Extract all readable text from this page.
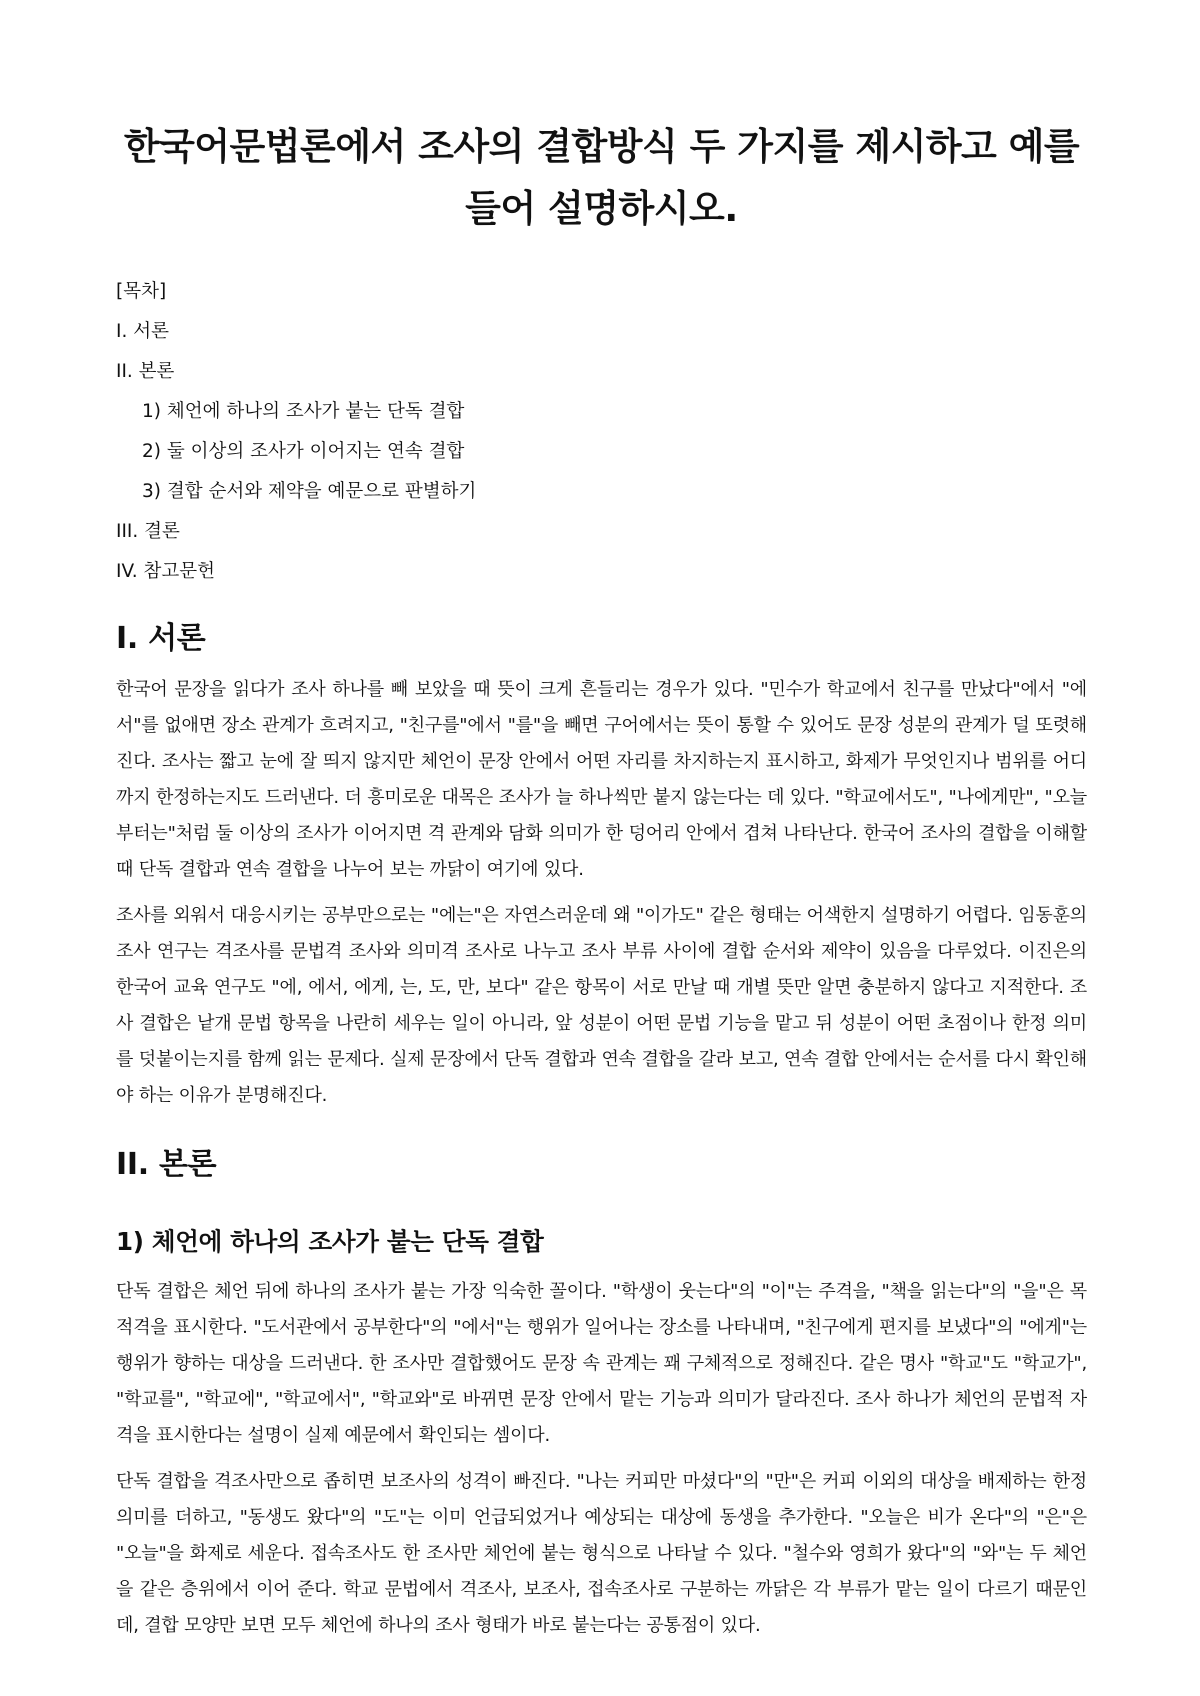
한국어문법론에서 조사의 결합방식 두 가지를 제시하고 예를 들어 설명하시오.
[목차]
I. 서론
II. 본론
1) 체언에 하나의 조사가 붙는 단독 결합
2) 둘 이상의 조사가 이어지는 연속 결합
3) 결합 순서와 제약을 예문으로 판별하기
III. 결론
IV. 참고문헌
I. 서론

한국어 문장을 읽다가 조사 하나를 빼 보았을 때 뜻이 크게 흔들리는 경우가 있다. "민수가 학교에서 친구를 만났다"에서 "에서"를 없애면 장소 관계가 흐려지고, "친구를"에서 "를"을 빼면 구어에서는 뜻이 통할 수 있어도 문장 성분의 관계가 덜 또렷해진다. 조사는 짧고 눈에 잘 띄지 않지만 체언이 문장 안에서 어떤 자리를 차지하는지 표시하고, 화제가 무엇인지나 범위를 어디까지 한정하는지도 드러낸다. 더 흥미로운 대목은 조사가 늘 하나씩만 붙지 않는다는 데 있다. "학교에서도", "나에게만", "오늘부터는"처럼 둘 이상의 조사가 이어지면 격 관계와 담화 의미가 한 덩어리 안에서 겹쳐 나타난다. 한국어 조사의 결합을 이해할 때 단독 결합과 연속 결합을 나누어 보는 까닭이 여기에 있다.

조사를 외워서 대응시키는 공부만으로는 "에는"은 자연스러운데 왜 "이가도" 같은 형태는 어색한지 설명하기 어렵다. 임동훈의 조사 연구는 격조사를 문법격 조사와 의미격 조사로 나누고 조사 부류 사이에 결합 순서와 제약이 있음을 다루었다. 이진은의 한국어 교육 연구도 "에, 에서, 에게, 는, 도, 만, 보다" 같은 항목이 서로 만날 때 개별 뜻만 알면 충분하지 않다고 지적한다. 조사 결합은 낱개 문법 항목을 나란히 세우는 일이 아니라, 앞 성분이 어떤 문법 기능을 맡고 뒤 성분이 어떤 초점이나 한정 의미를 덧붙이는지를 함께 읽는 문제다. 실제 문장에서 단독 결합과 연속 결합을 갈라 보고, 연속 결합 안에서는 순서를 다시 확인해야 하는 이유가 분명해진다.

II. 본론
1) 체언에 하나의 조사가 붙는 단독 결합

단독 결합은 체언 뒤에 하나의 조사가 붙는 가장 익숙한 꼴이다. "학생이 웃는다"의 "이"는 주격을, "책을 읽는다"의 "을"은 목적격을 표시한다. "도서관에서 공부한다"의 "에서"는 행위가 일어나는 장소를 나타내며, "친구에게 편지를 보냈다"의 "에게"는 행위가 향하는 대상을 드러낸다. 한 조사만 결합했어도 문장 속 관계는 꽤 구체적으로 정해진다. 같은 명사 "학교"도 "학교가", "학교를", "학교에", "학교에서", "학교와"로 바뀌면 문장 안에서 맡는 기능과 의미가 달라진다. 조사 하나가 체언의 문법적 자격을 표시한다는 설명이 실제 예문에서 확인되는 셈이다.

단독 결합을 격조사만으로 좁히면 보조사의 성격이 빠진다. "나는 커피만 마셨다"의 "만"은 커피 이외의 대상을 배제하는 한정 의미를 더하고, "동생도 왔다"의 "도"는 이미 언급되었거나 예상되는 대상에 동생을 추가한다. "오늘은 비가 온다"의 "은"은 "오늘"을 화제로 세운다. 접속조사도 한 조사만 체언에 붙는 형식으로 나타날 수 있다. "철수와 영희가 왔다"의 "와"는 두 체언을 같은 층위에서 이어 준다. 학교 문법에서 격조사, 보조사, 접속조사로 구분하는 까닭은 각 부류가 맡는 일이 다르기 때문인데, 결합 모양만 보면 모두 체언에 하나의 조사 형태가 바로 붙는다는 공통점이 있다.
